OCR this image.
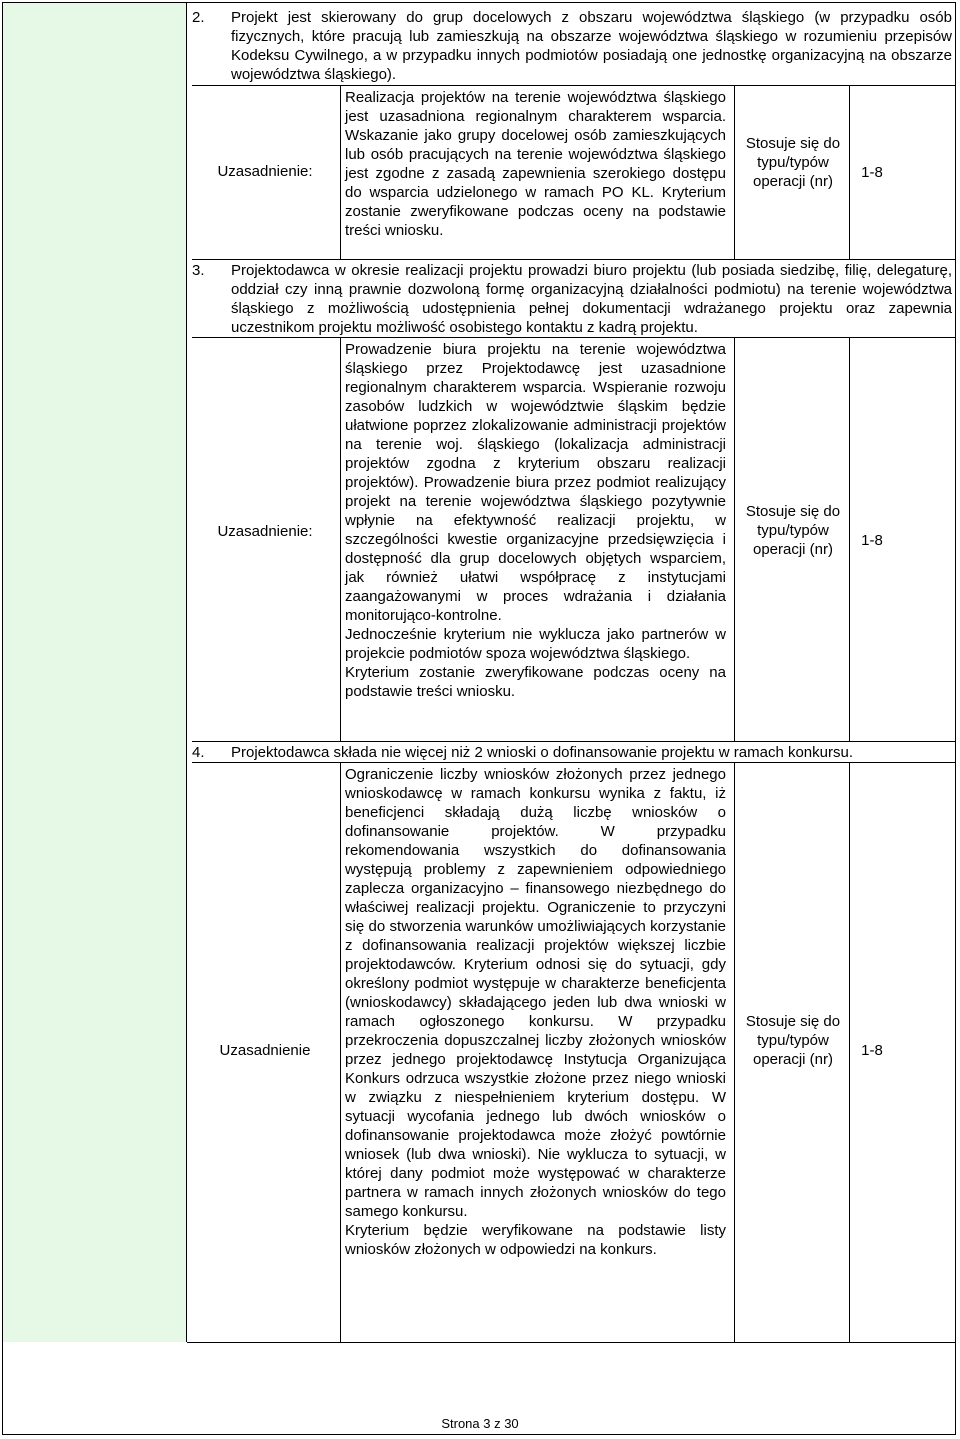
2. Projekt jest skierowany do grup docelowych z obszaru województwa śląskiego (w przypadku osób fizycznych, które pracują lub zamieszkują na obszarze województwa śląskiego w rozumieniu przepisów Kodeksu Cywilnego, a w przypadku innych podmiotów posiadają one jednostkę organizacyjną na obszarze województwa śląskiego).
Uzasadnienie:
Realizacja projektów na terenie województwa śląskiego jest uzasadniona regionalnym charakterem wsparcia. Wskazanie jako grupy docelowej osób zamieszkujących lub osób pracujących na terenie województwa śląskiego jest zgodne z zasadą zapewnienia szerokiego dostępu do wsparcia udzielonego w ramach PO KL. Kryterium zostanie zweryfikowane podczas oceny na podstawie treści wniosku.
Stosuje się do typu/typów operacji (nr)
1-8
3. Projektodawca w okresie realizacji projektu prowadzi biuro projektu (lub posiada siedzibę, filię, delegaturę, oddział czy inną prawnie dozwoloną formę organizacyjną działalności podmiotu) na terenie województwa śląskiego z możliwością udostępnienia pełnej dokumentacji wdrażanego projektu oraz zapewnia uczestnikom projektu możliwość osobistego kontaktu z kadrą projektu.
Uzasadnienie:

Prowadzenie biura projektu na terenie województwa śląskiego przez Projektodawcę jest uzasadnione regionalnym charakterem wsparcia. Wspieranie rozwoju zasobów ludzkich w województwie śląskim będzie ułatwione poprzez zlokalizowanie administracji projektów na terenie woj. śląskiego (lokalizacja administracji projektów zgodna z kryterium obszaru realizacji projektów). Prowadzenie biura przez podmiot realizujący projekt na terenie województwa śląskiego pozytywnie wpłynie na efektywność realizacji projektu, w szczególności kwestie organizacyjne przedsięwzięcia i dostępność dla grup docelowych objętych wsparciem, jak również ułatwi współpracę z instytucjami zaangażowanymi w proces wdrażania i działania monitorująco-kontrolne.

Jednocześnie kryterium nie wyklucza jako partnerów w projekcie podmiotów spoza województwa śląskiego.

Kryterium zostanie zweryfikowane podczas oceny na podstawie treści wniosku.

Stosuje się do typu/typów operacji (nr)
1-8
4. Projektodawca składa nie więcej niż 2 wnioski o dofinansowanie projektu w ramach konkursu.
Uzasadnienie

Ograniczenie liczby wniosków złożonych przez jednego wnioskodawcę w ramach konkursu wynika z faktu, iż beneficjenci składają dużą liczbę wniosków o dofinansowanie projektów. W przypadku rekomendowania wszystkich do dofinansowania występują problemy z zapewnieniem odpowiedniego zaplecza organizacyjno – finansowego niezbędnego do właściwej realizacji projektu. Ograniczenie to przyczyni się do stworzenia warunków umożliwiających korzystanie z dofinansowania realizacji projektów większej liczbie projektodawców. Kryterium odnosi się do sytuacji, gdy określony podmiot występuje w charakterze beneficjenta (wnioskodawcy) składającego jeden lub dwa wnioski w ramach ogłoszonego konkursu. W przypadku przekroczenia dopuszczalnej liczby złożonych wniosków przez jednego projektodawcę Instytucja Organizująca Konkurs odrzuca wszystkie złożone przez niego wnioski w związku z niespełnieniem kryterium dostępu. W sytuacji wycofania jednego lub dwóch wniosków o dofinansowanie projektodawca może złożyć powtórnie wniosek (lub dwa wnioski). Nie wyklucza to sytuacji, w której dany podmiot może występować w charakterze partnera w ramach innych złożonych wniosków do tego samego konkursu.

Kryterium będzie weryfikowane na podstawie listy wniosków złożonych w odpowiedzi na konkurs.

Stosuje się do typu/typów operacji (nr)
1-8
Strona 3 z 30
